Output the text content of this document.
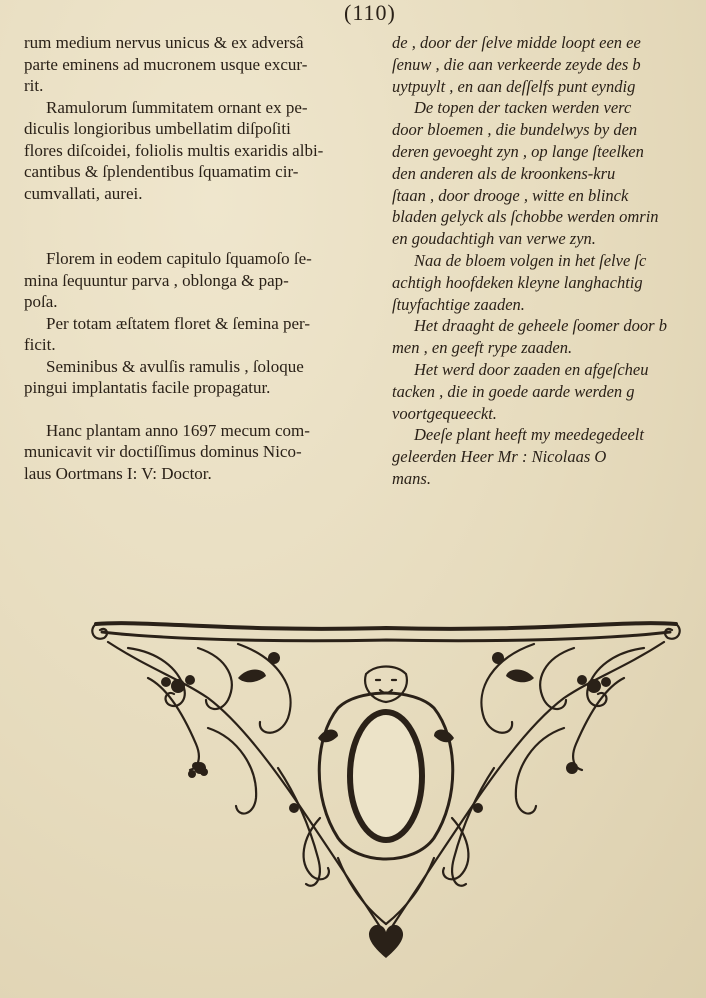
(110)
rum medium nervus unicus & ex adversâ
parte eminens ad mucronem usque excur-
rit.
Ramulorum ſummitatem ornant ex pe-
diculis longioribus umbellatim diſpoſiti
flores diſcoidei, foliolis multis exaridis albi-
cantibus & ſplendentibus ſquamatim cir-
cumvallati, aurei.
Florem in eodem capitulo ſquamoſo ſe-
mina ſequuntur parva , oblonga & pap-
poſa.
Per totam æſtatem floret & ſemina per-
ficit.
Seminibus & avulſis ramulis , ſoloque
pingui implantatis facile propagatur.
Hanc plantam anno 1697 mecum com-
municavit vir doctiſſimus dominus Nico-
laus Oortmans I: V: Doctor.
de , door der ſelve midde loopt een ee
ſenuw , die aan verkeerde zeyde des b
uytpuylt , en aan deſſelfs punt eyndig
De topen der tacken werden verc
door bloemen , die bundelwys by den
deren gevoeght zyn , op lange ſteelken
den anderen als de kroonkens-kru
ſtaan , door drooge , witte en blinck
bladen gelyck als ſchobbe werden omrin
en goudachtigh van verwe zyn.
Naa de bloem volgen in het ſelve ſc
achtigh hoofdeken kleyne langhachtig
ſtuyfachtige zaaden.
Het draaght de geheele ſoomer door b
men , en geeft rype zaaden.
Het werd door zaaden en afgeſcheu
tacken , die in goede aarde werden g
voortgequeeckt.
Deeſe plant heeft my meedegedeelt
geleerden Heer Mr : Nicolaas O
mans.
